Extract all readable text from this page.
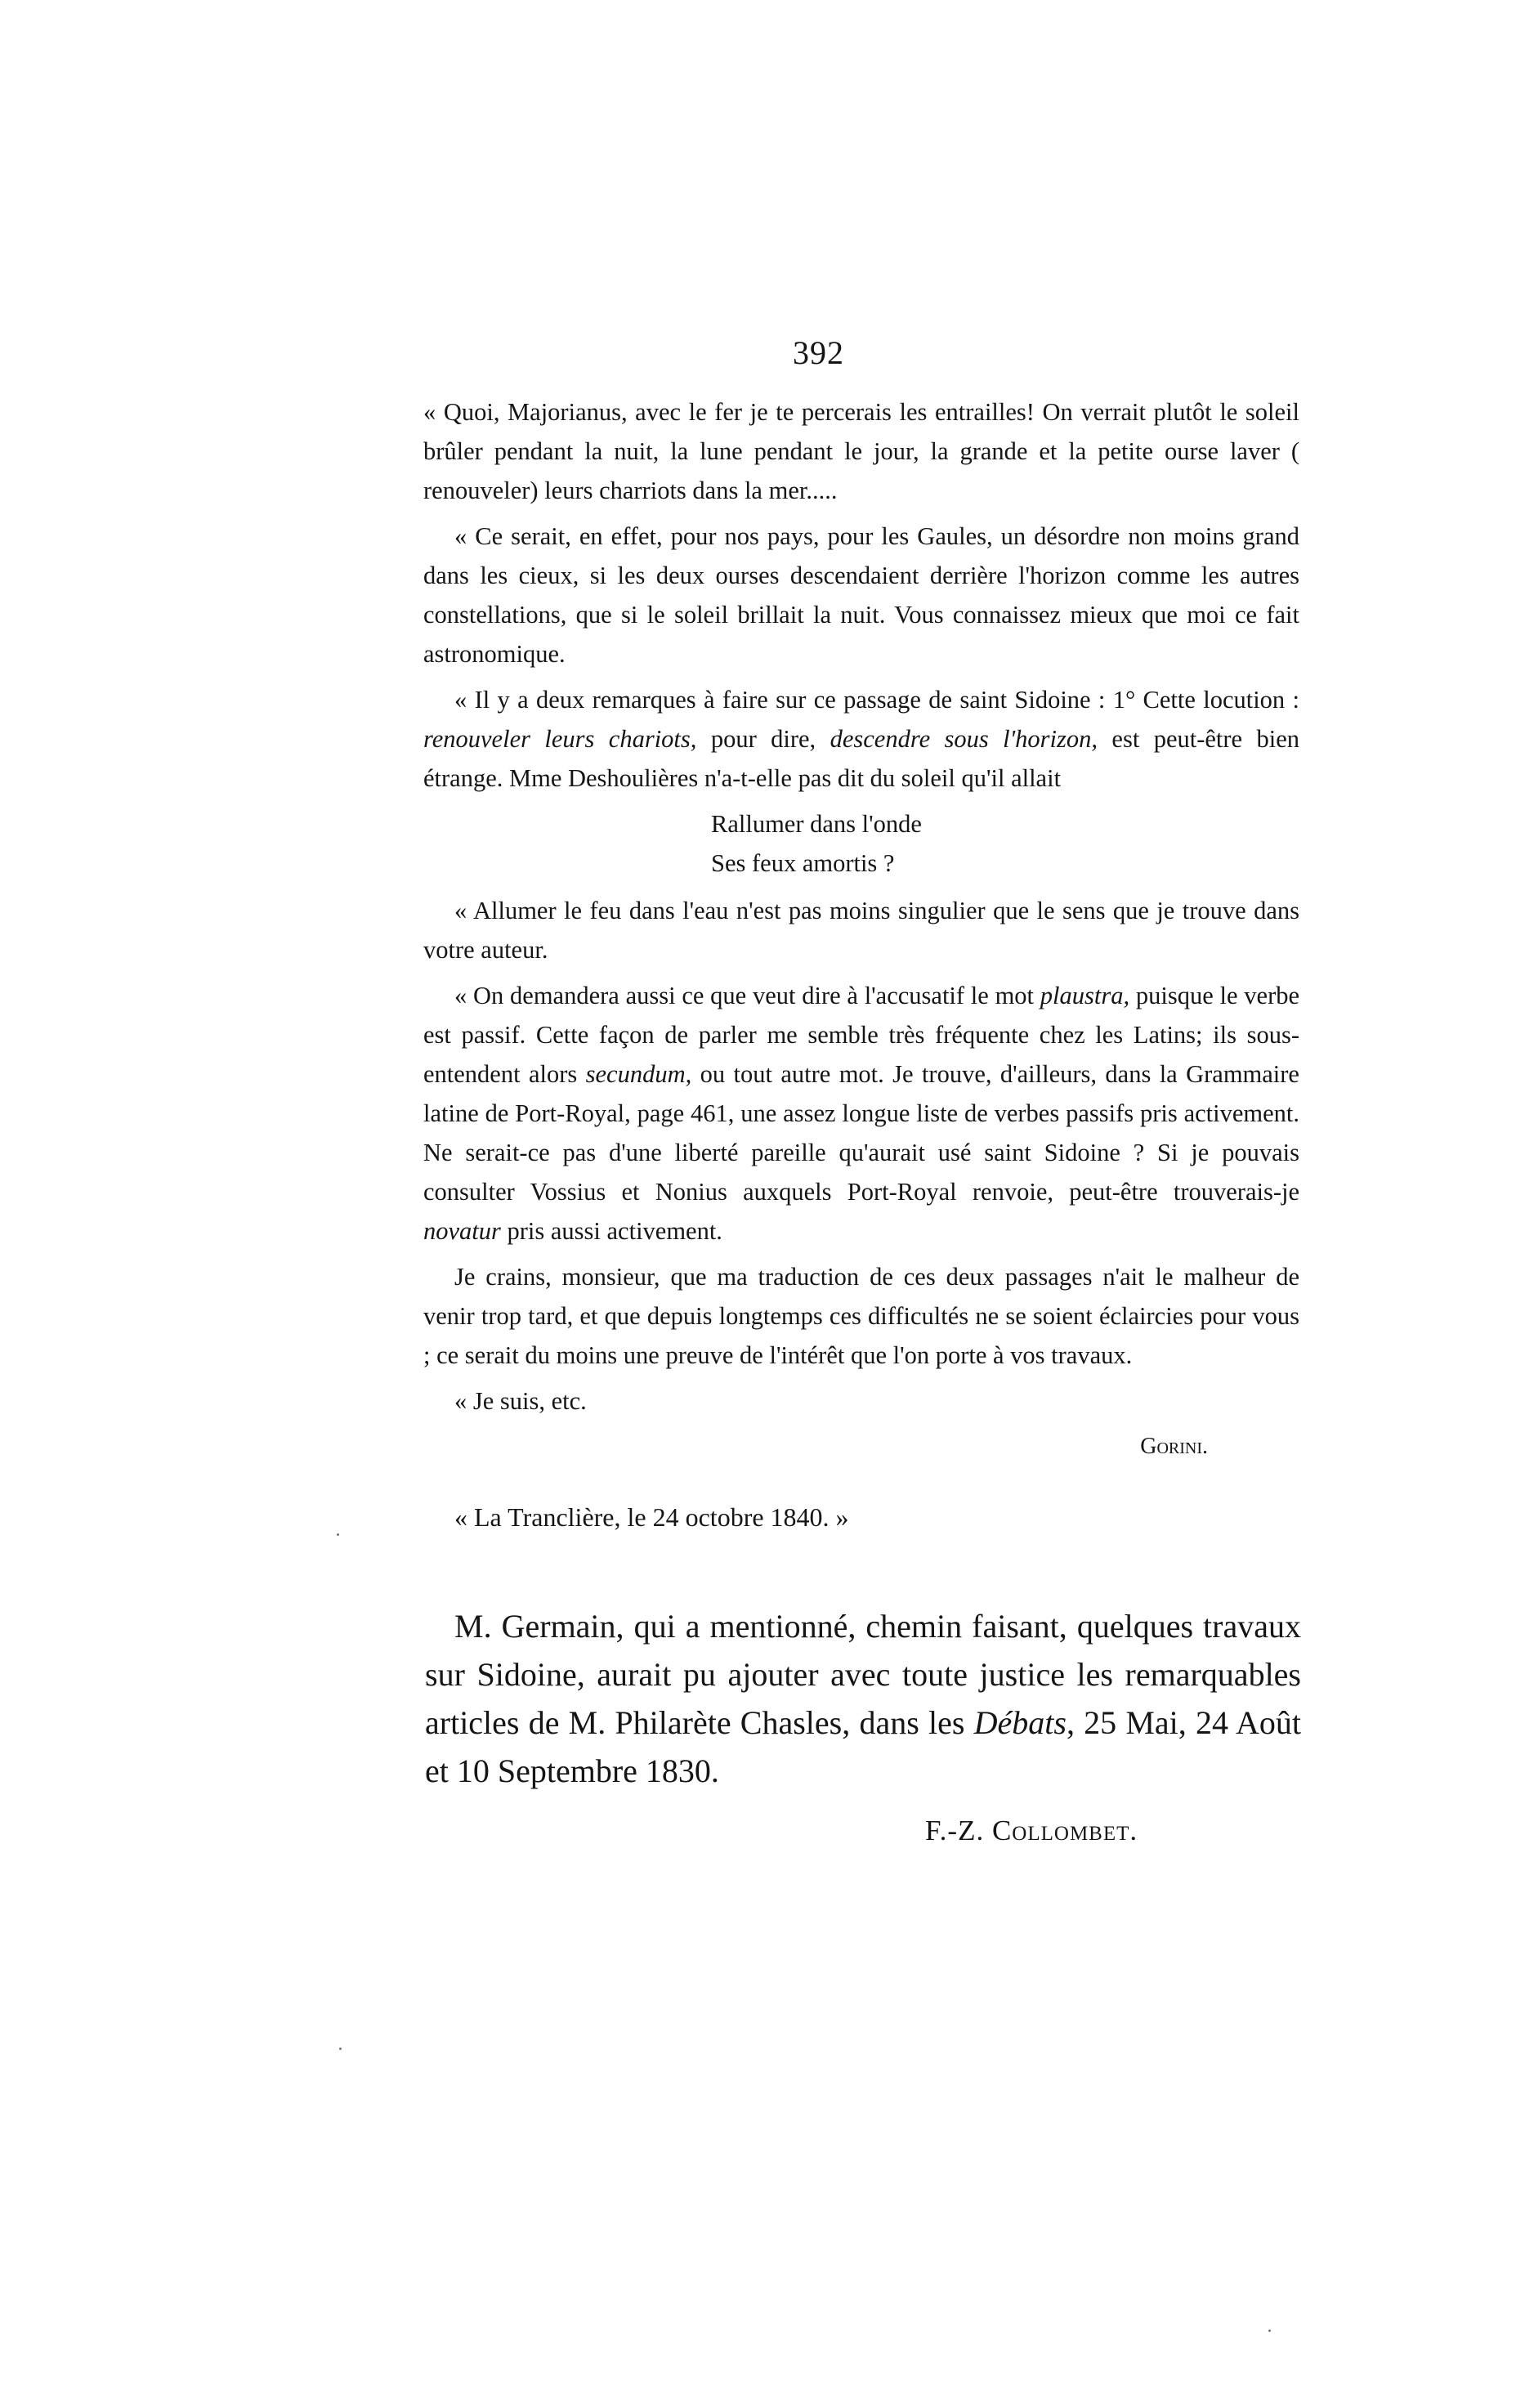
392

« Quoi, Majorianus, avec le fer je te percerais les entrailles! On verrait plutôt le soleil brûler pendant la nuit, la lune pendant le jour, la grande et la petite ourse laver ( renouveler) leurs charriots dans la mer.....

« Ce serait, en effet, pour nos pays, pour les Gaules, un désordre non moins grand dans les cieux, si les deux ourses descendaient derrière l'horizon comme les autres constellations, que si le soleil brillait la nuit. Vous connaissez mieux que moi ce fait astronomique.

« Il y a deux remarques à faire sur ce passage de saint Sidoine : 1° Cette locution : renouveler leurs chariots, pour dire, descendre sous l'horizon, est peut-être bien étrange. Mme Deshoulières n'a-t-elle pas dit du soleil qu'il allait

Rallumer dans l'onde
Ses feux amortis ?

« Allumer le feu dans l'eau n'est pas moins singulier que le sens que je trouve dans votre auteur.

« On demandera aussi ce que veut dire à l'accusatif le mot plaustra, puisque le verbe est passif. Cette façon de parler me semble très fréquente chez les Latins; ils sous-entendent alors secundum, ou tout autre mot. Je trouve, d'ailleurs, dans la Grammaire latine de Port-Royal, page 461, une assez longue liste de verbes passifs pris activement. Ne serait-ce pas d'une liberté pareille qu'aurait usé saint Sidoine ? Si je pouvais consulter Vossius et Nonius auxquels Port-Royal renvoie, peut-être trouverais-je novatur pris aussi activement.

Je crains, monsieur, que ma traduction de ces deux passages n'ait le malheur de venir trop tard, et que depuis longtemps ces difficultés ne se soient éclaircies pour vous ; ce serait du moins une preuve de l'intérêt que l'on porte à vos travaux.

« Je suis, etc.

Gorini.
« La Tranclière, le 24 octobre 1840. »

M. Germain, qui a mentionné, chemin faisant, quelques travaux sur Sidoine, aurait pu ajouter avec toute justice les remarquables articles de M. Philarète Chasles, dans les Débats, 25 Mai, 24 Août et 10 Septembre 1830.

F.-Z. Collombet.
